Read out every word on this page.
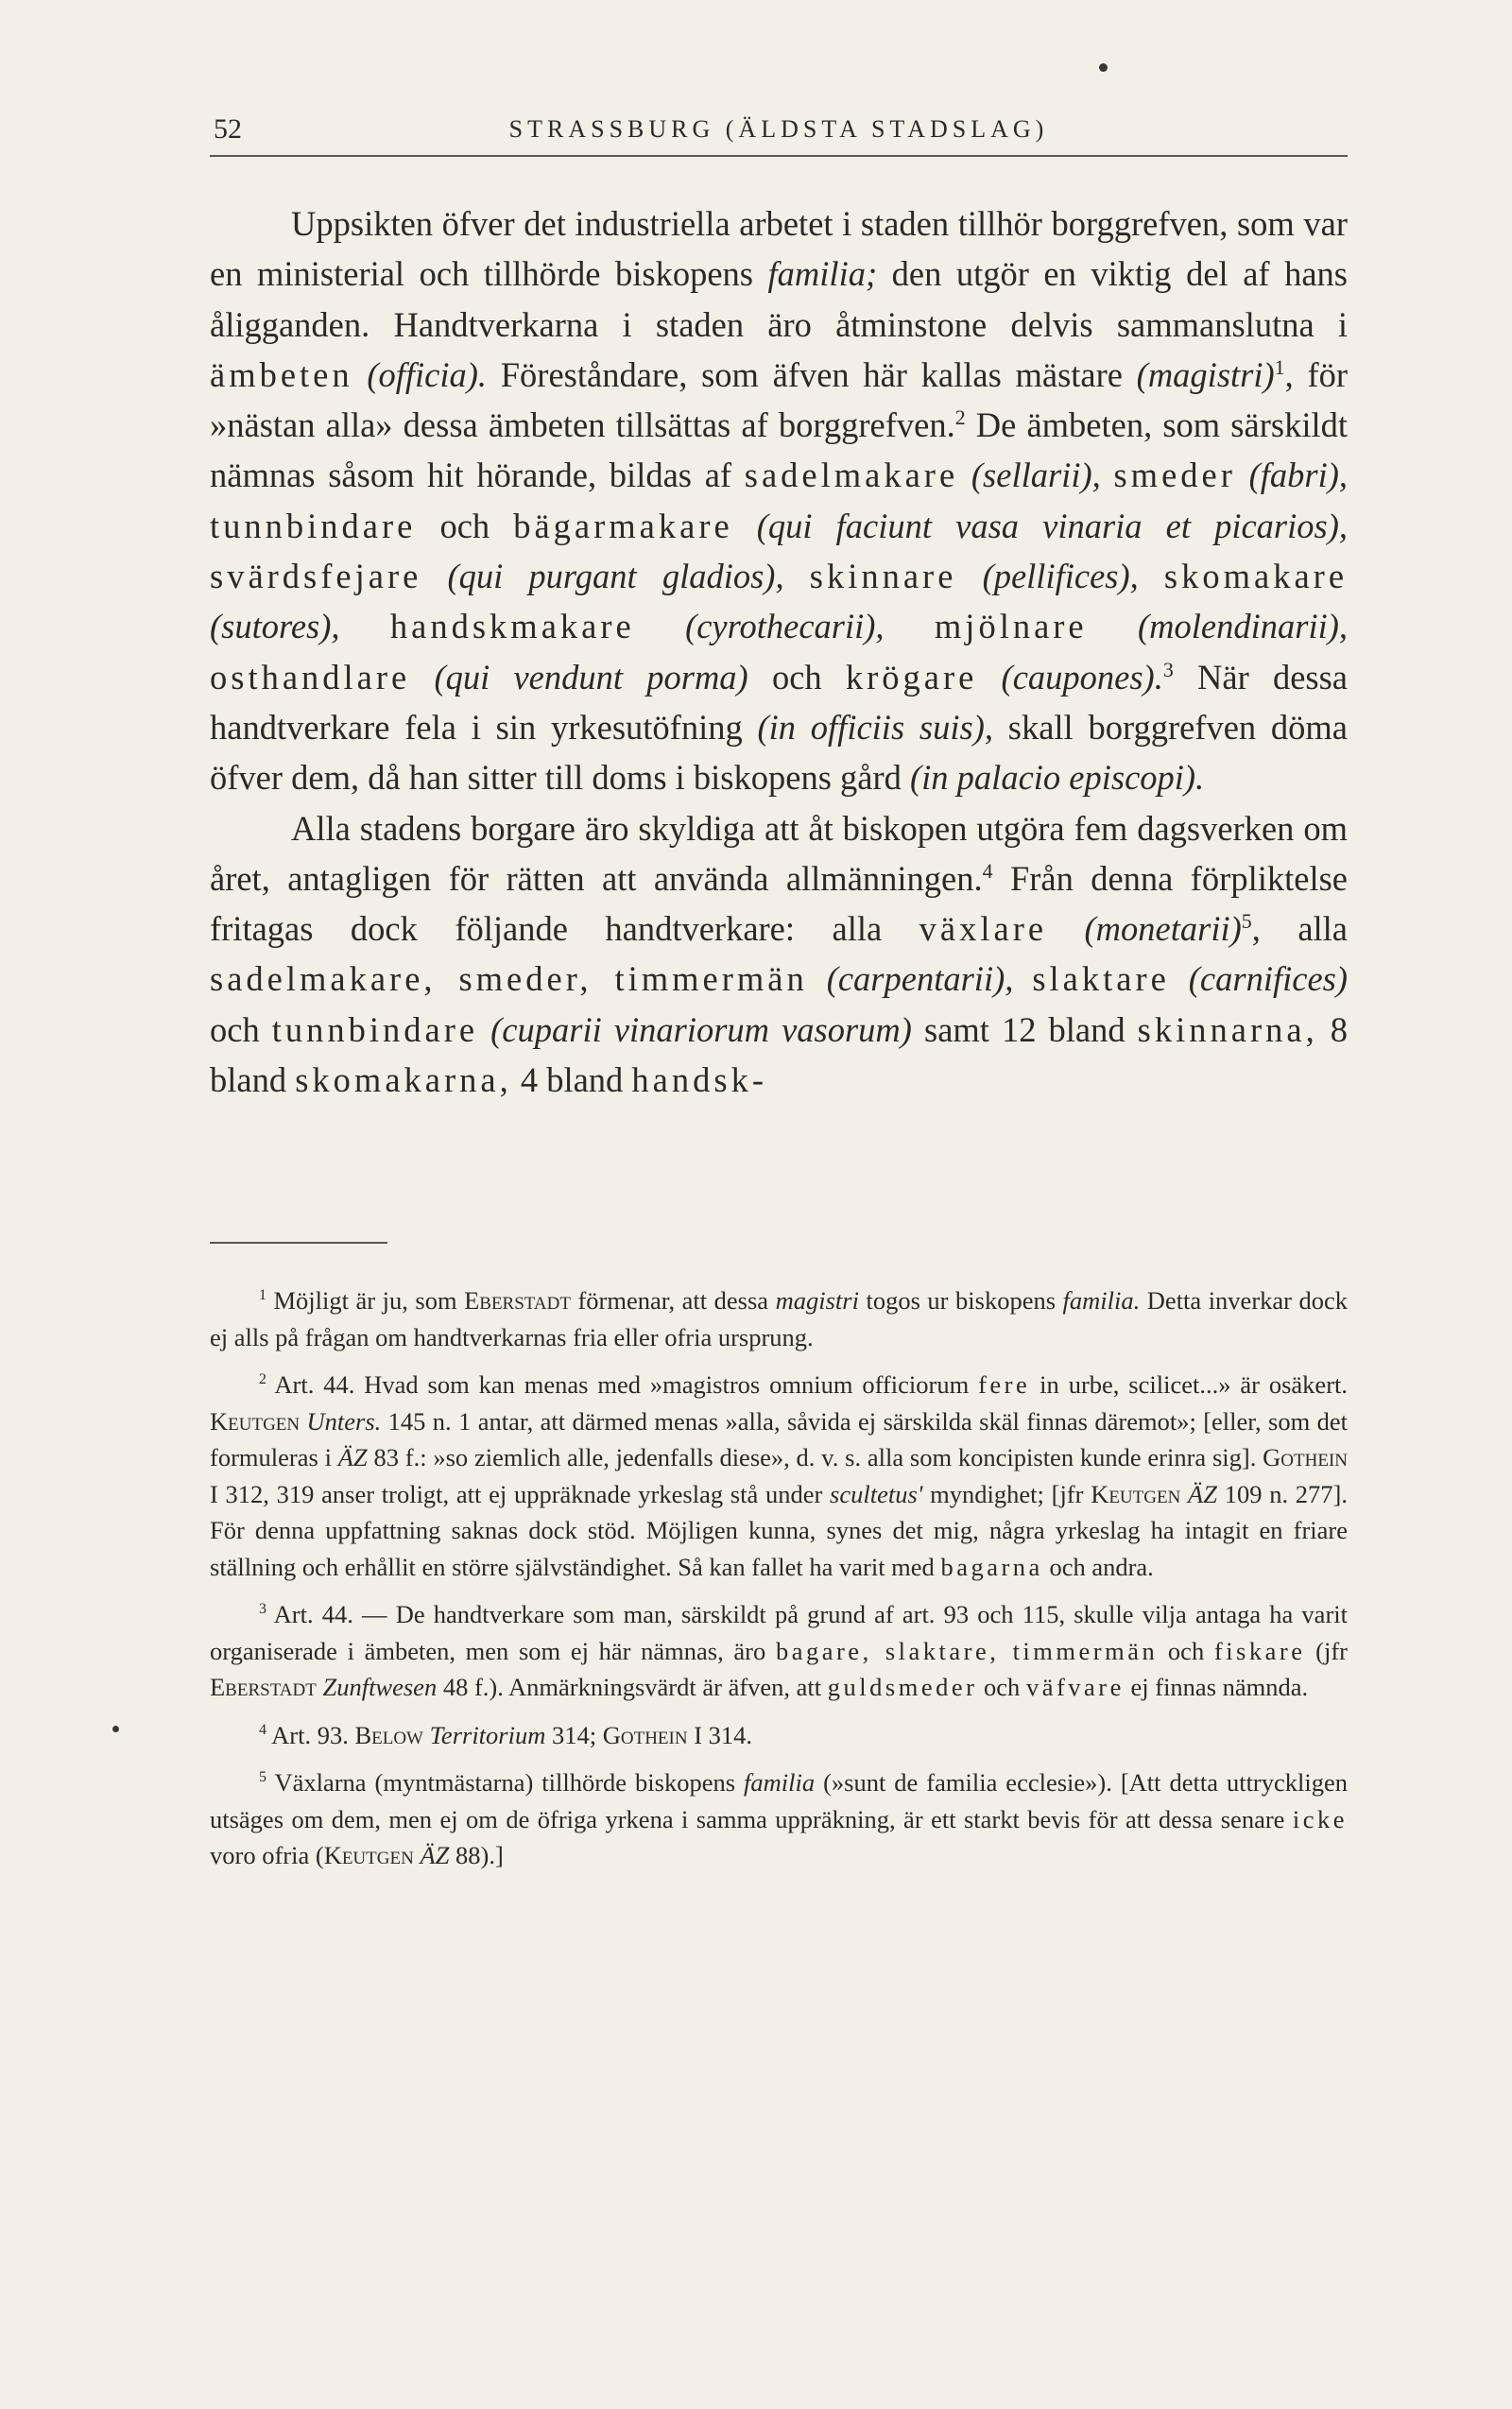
52	STRASSBURG (ÄLDSTA STADSLAG)

Uppsikten öfver det industriella arbetet i staden tillhör borggrefven, som var en ministerial och tillhörde biskopens familia; den utgör en viktig del af hans åligganden. Handtverkarna i staden äro åtminstone delvis sammanslutna i ämbeten (officia). Föreståndare, som äfven här kallas mästare (magistri)$^1$, för »nästan alla» dessa ämbeten tillsättas af borggrefven.$^2$ De ämbeten, som särskildt nämnas såsom hit hörande, bildas af sadelmakare (sellarii), smeder (fabri), tunnbindare och bägarmakare (qui faciunt vasa vinaria et picarios), svärdsfejare (qui purgant gladios), skinnare (pellifices), skomakare (sutores), handskmakare (cyrothecarii), mjölnare (molendinarii), osthandlare (qui vendunt porma) och krögare (caupones).$^3$ När dessa handtverkare fela i sin yrkesutöfning (in officiis suis), skall borggrefven döma öfver dem, då han sitter till doms i biskopens gård (in palacio episcopi).

Alla stadens borgare äro skyldiga att åt biskopen utgöra fem dagsverken om året, antagligen för rätten att använda allmänningen.$^4$ Från denna förpliktelse fritagas dock följande handtverkare: alla växlare (monetarii)$^5$, alla sadelmakare, smeder, timmermän (carpentarii), slaktare (carnifices) och tunnbindare (cuparii vinariorum vasorum) samt 12 bland skinnarna, 8 bland skomakarna, 4 bland handsk-

$^1$ Möjligt är ju, som Eberstadt förmenar, att dessa magistri togos ur biskopens familia. Detta inverkar dock ej alls på frågan om handtverkarnas fria eller ofria ursprung.

$^2$ Art. 44. Hvad som kan menas med »magistros omnium officiorum fere in urbe, scilicet...» är osäkert. Keutgen Unters. 145 n. 1 antar, att därmed menas »alla, såvida ej särskilda skäl finnas däremot»; [eller, som det formuleras i ÄZ 83 f.: »so ziemlich alle, jedenfalls diese», d. v. s. alla som koncipisten kunde erinra sig]. Gothein I 312, 319 anser troligt, att ej uppräknade yrkeslag stå under scultetus' myndighet; [jfr Keutgen ÄZ 109 n. 277]. För denna uppfattning saknas dock stöd. Möjligen kunna, synes det mig, några yrkeslag ha intagit en friare ställning och erhållit en större självständighet. Så kan fallet ha varit med bagarna och andra.

$^3$ Art. 44. — De handtverkare som man, särskildt på grund af art. 93 och 115, skulle vilja antaga ha varit organiserade i ämbeten, men som ej här nämnas, äro bagare, slaktare, timmermän och fiskare (jfr Eberstadt Zunftwesen 48 f.). Anmärkningsvärdt är äfven, att guldsmeder och väfvare ej finnas nämnda.

$^4$ Art. 93. Below Territorium 314; Gothein I 314.

$^5$ Växlarna (myntmästarna) tillhörde biskopens familia (»sunt de familia ecclesie»). [Att detta uttryckligen utsäges om dem, men ej om de öfriga yrkena i samma uppräkning, är ett starkt bevis för att dessa senare icke voro ofria (Keutgen ÄZ 88).]
